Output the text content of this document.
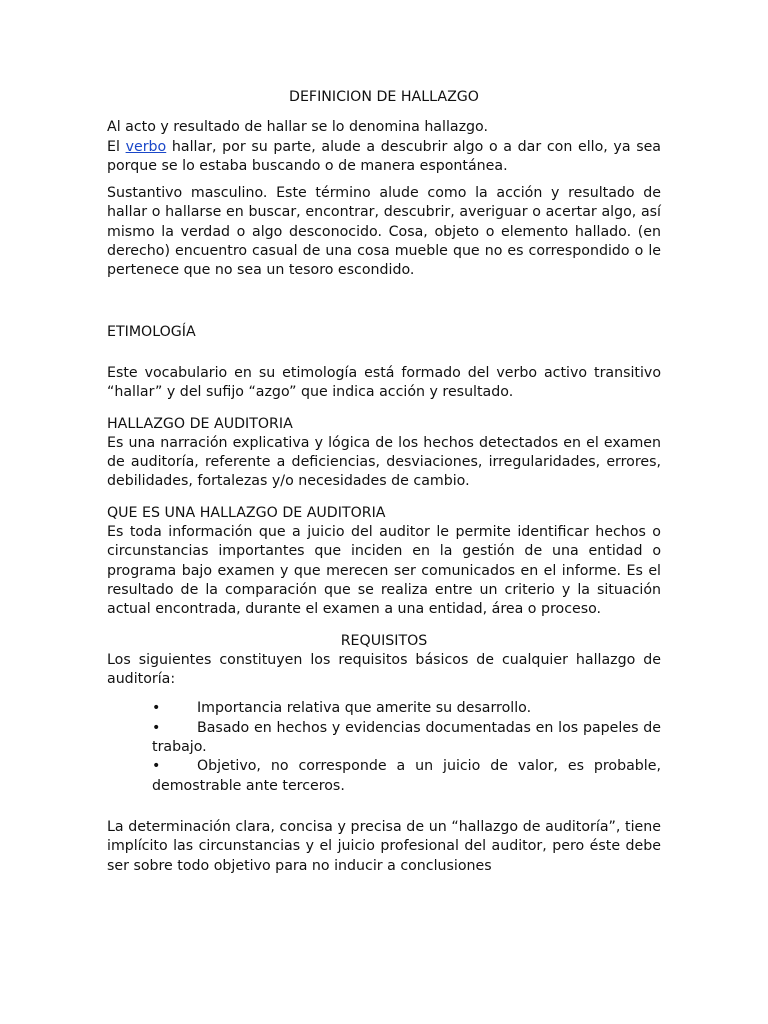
DEFINICION DE HALLAZGO

Al acto y resultado de hallar se lo denomina hallazgo.

El verbo hallar, por su parte, alude a descubrir algo o a dar con ello, ya sea porque se lo estaba buscando o de manera espontánea.

Sustantivo masculino. Este término alude como la acción y resultado de hallar o hallarse en buscar, encontrar, descubrir, averiguar o acertar algo, así mismo la verdad o algo desconocido. Cosa, objeto o elemento hallado. (en derecho) encuentro casual de una cosa mueble que no es correspondido o le pertenece que no sea un tesoro escondido.

ETIMOLOGÍA

Este vocabulario en su etimología está formado del verbo activo transitivo “hallar” y del sufijo “azgo” que indica acción y resultado.

HALLAZGO DE AUDITORIA

Es una narración explicativa y lógica de los hechos detectados en el examen de auditoría, referente a deficiencias, desviaciones, irregularidades, errores, debilidades, fortalezas y/o necesidades de cambio.

QUE ES UNA HALLAZGO DE AUDITORIA

Es toda información que a juicio del auditor le permite identificar hechos o circunstancias importantes que inciden en la gestión de una entidad o programa bajo examen y que merecen ser comunicados en el informe. Es el resultado de la comparación que se realiza entre un criterio y la situación actual encontrada, durante el examen a una entidad, área o proceso.

REQUISITOS

Los siguientes constituyen los requisitos básicos de cualquier hallazgo de auditoría:

•	Importancia relativa que amerite su desarrollo.
•	Basado en hechos y evidencias documentadas en los papeles de trabajo.
•	Objetivo, no corresponde a un juicio de valor, es probable, demostrable ante terceros.

La determinación clara, concisa y precisa de un “hallazgo de auditoría”, tiene implícito las circunstancias y el juicio profesional del auditor, pero éste debe ser sobre todo objetivo para no inducir a conclusiones
